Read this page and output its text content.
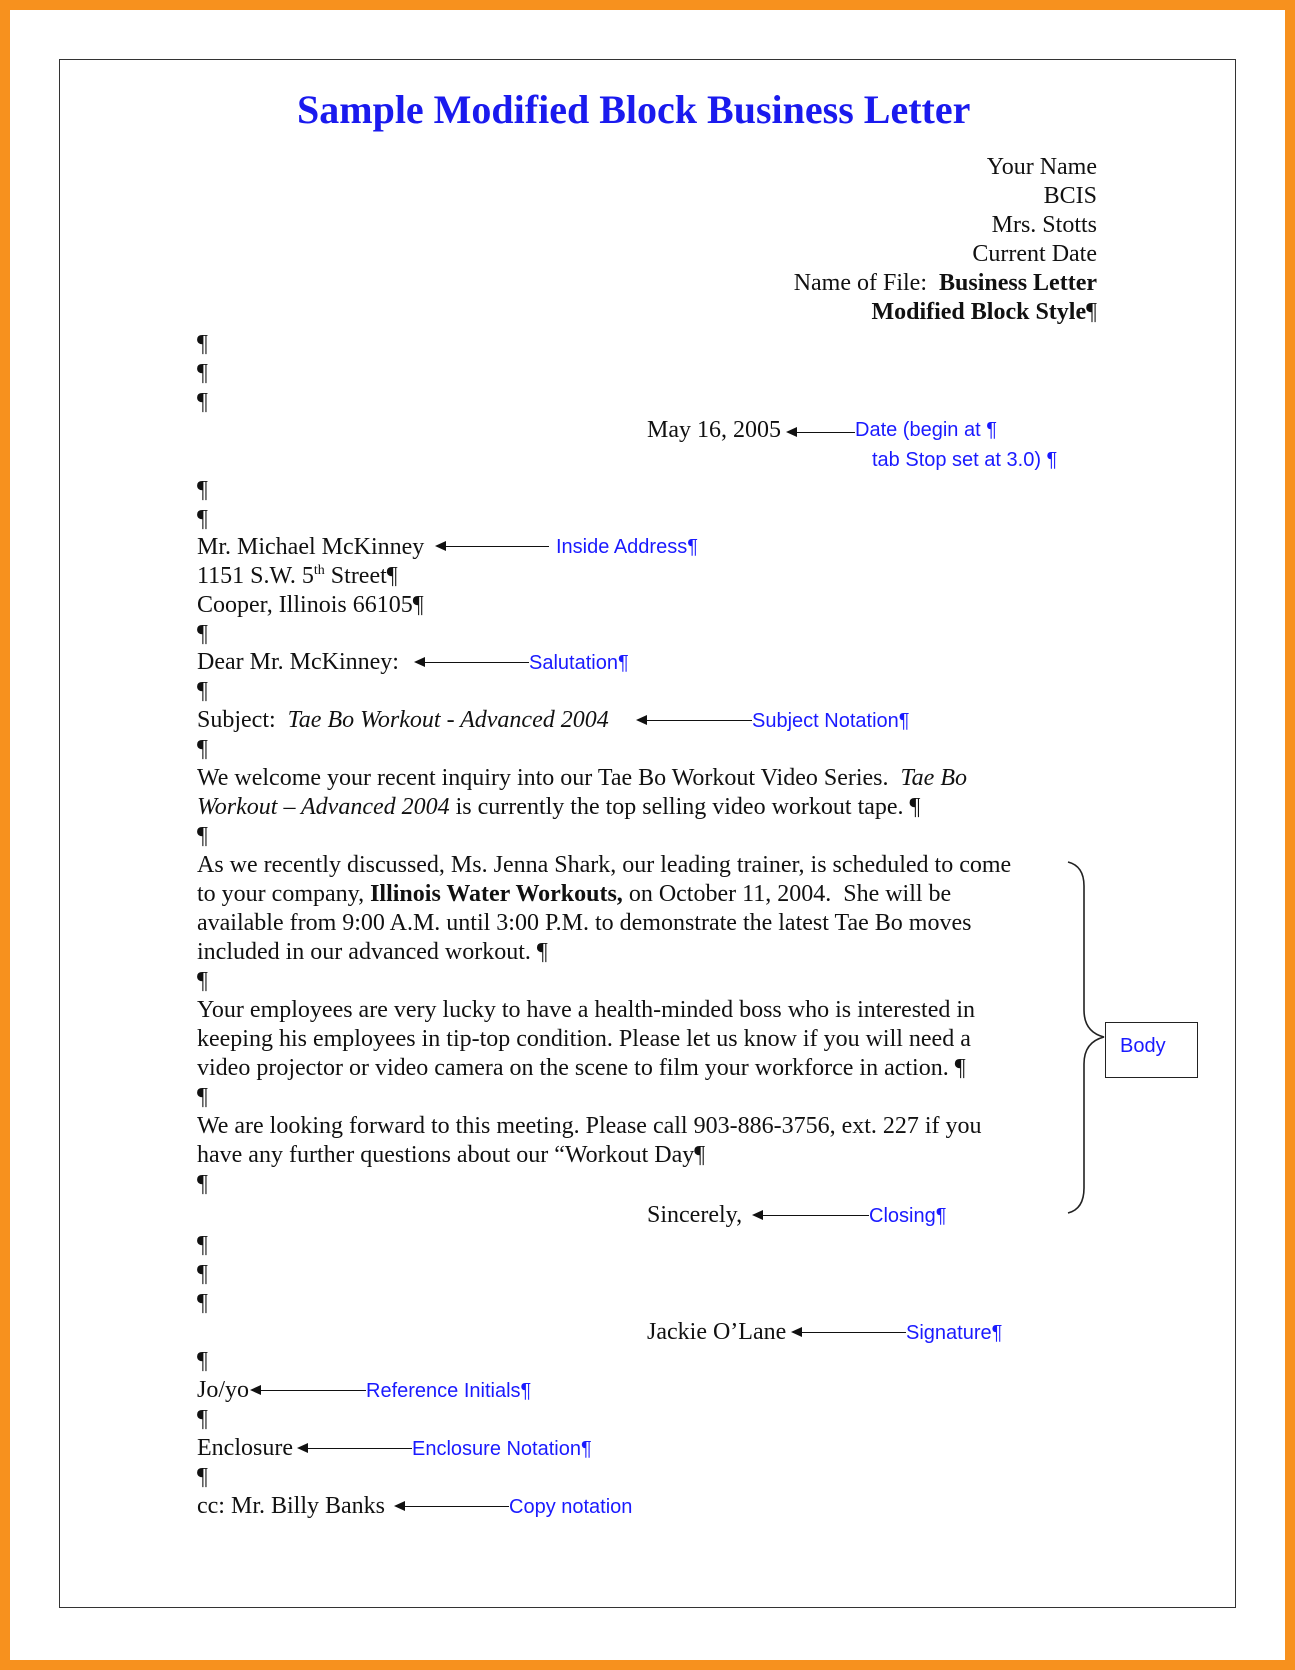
Sample Modified Block Business Letter
Your Name
BCIS
Mrs. Stotts
Current Date
Name of File: Business Letter
Modified Block Style¶
¶
¶
¶
May 16, 2005	Date (begin at ¶
tab Stop set at 3.0) ¶
¶
¶
Mr. Michael McKinney	Inside Address¶
1151 S.W. 5th Street¶
Cooper, Illinois 66105¶
¶
Dear Mr. McKinney:	Salutation¶
¶
Subject: Tae Bo Workout - Advanced 2004	Subject Notation¶
¶
We welcome your recent inquiry into our Tae Bo Workout Video Series.  Tae Bo
Workout – Advanced 2004 is currently the top selling video workout tape. ¶
¶
As we recently discussed, Ms. Jenna Shark, our leading trainer, is scheduled to come
to your company, Illinois Water Workouts, on October 11, 2004.  She will be
available from 9:00 A.M. until 3:00 P.M. to demonstrate the latest Tae Bo moves
included in our advanced workout. ¶
¶
Your employees are very lucky to have a health-minded boss who is interested in
keeping his employees in tip-top condition. Please let us know if you will need a
video projector or video camera on the scene to film your workforce in action. ¶
¶
We are looking forward to this meeting. Please call 903-886-3756, ext. 227 if you
have any further questions about our “Workout Day¶
¶
Body
Sincerely,	Closing¶
¶
¶
¶
Jackie O’Lane	Signature¶
¶
Jo/yo	Reference Initials¶
¶
Enclosure	Enclosure Notation¶
¶
cc: Mr. Billy Banks	Copy notation
